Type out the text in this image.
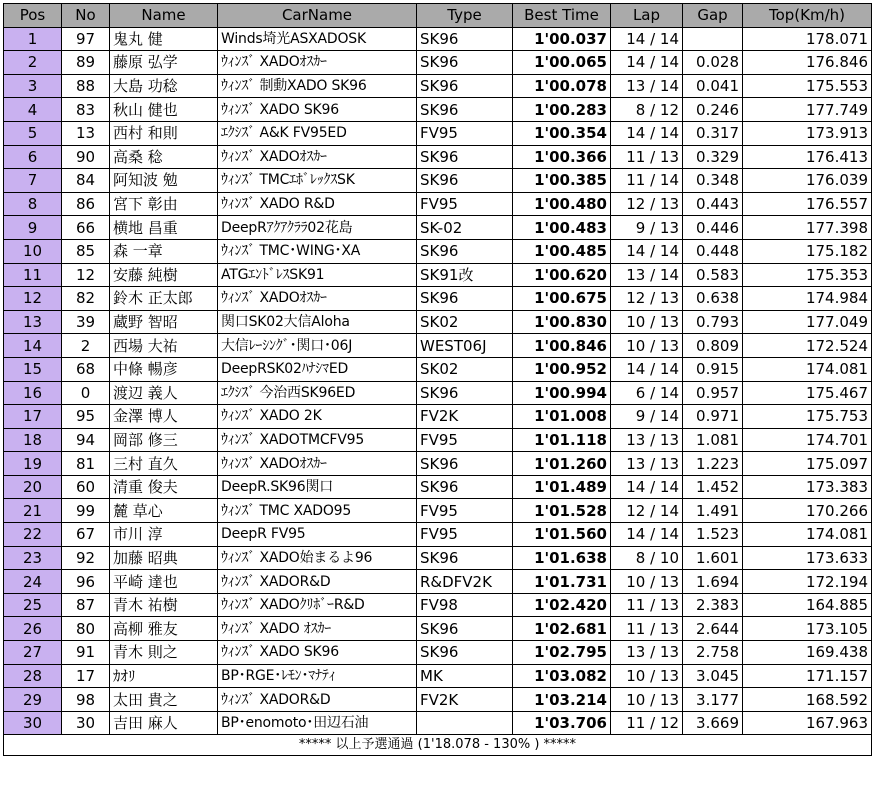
Pos	No	Name	CarName	Type	Best Time	Lap	Gap	Top(Km/h)
1	97	鬼丸 健	Winds埼光ASXADOSK	SK96	1'00.037	14 / 14		178.071
2	89	藤原 弘学	ｳｨﾝｽﾞ XADOｵｽｶｰ	SK96	1'00.065	14 / 14	0.028	176.846
3	88	大島 功稔	ｳｨﾝｽﾞ 制動XADO SK96	SK96	1'00.078	13 / 14	0.041	175.553
4	83	秋山 健也	ｳｨﾝｽﾞ XADO SK96	SK96	1'00.283	8 / 12	0.246	177.749
5	13	西村 和則	ｴｸｼｽﾞ A&K FV95ED	FV95	1'00.354	14 / 14	0.317	173.913
6	90	高桑 稔	ｳｨﾝｽﾞ XADOｵｽｶｰ	SK96	1'00.366	11 / 13	0.329	176.413
7	84	阿知波 勉	ｳｨﾝｽﾞ TMCｴﾎﾞﾚｯｸｽSK	SK96	1'00.385	11 / 14	0.348	176.039
8	86	宮下 彰由	ｳｨﾝｽﾞ XADO R&D	FV95	1'00.480	12 / 13	0.443	176.557
9	66	横地 昌重	DeepRｱｸｱｸﾗﾗ02花島	SK-02	1'00.483	9 / 13	0.446	177.398
10	85	森 一章	ｳｨﾝｽﾞ TMC･WING･XA	SK96	1'00.485	14 / 14	0.448	175.182
11	12	安藤 純樹	ATGｴﾝﾄﾞﾚｽSK91	SK91改	1'00.620	13 / 14	0.583	175.353
12	82	鈴木 正太郎	ｳｨﾝｽﾞ XADOｵｽｶｰ	SK96	1'00.675	12 / 13	0.638	174.984
13	39	蔵野 智昭	関口SK02大信Aloha	SK02	1'00.830	10 / 13	0.793	177.049
14	2	西場 大祐	大信ﾚｰｼﾝｸﾞ･関口･06J	WEST06J	1'00.846	10 / 13	0.809	172.524
15	68	中條 暢彦	DeepRSK02ﾊﾅｼﾏED	SK02	1'00.952	14 / 14	0.915	174.081
16	0	渡辺 義人	ｴｸｼｽﾞ 今治西SK96ED	SK96	1'00.994	6 / 14	0.957	175.467
17	95	金澤 博人	ｳｨﾝｽﾞ XADO 2K	FV2K	1'01.008	9 / 14	0.971	175.753
18	94	岡部 修三	ｳｨﾝｽﾞ XADOTMCFV95	FV95	1'01.118	13 / 13	1.081	174.701
19	81	三村 直久	ｳｨﾝｽﾞ XADOｵｽｶｰ	SK96	1'01.260	13 / 13	1.223	175.097
20	60	清重 俊夫	DeepR.SK96関口	SK96	1'01.489	14 / 14	1.452	173.383
21	99	麓 草心	ｳｨﾝｽﾞ TMC XADO95	FV95	1'01.528	12 / 14	1.491	170.266
22	67	市川 淳	DeepR FV95	FV95	1'01.560	14 / 14	1.523	174.081
23	92	加藤 昭典	ｳｨﾝｽﾞ XADO始まるよ96	SK96	1'01.638	8 / 10	1.601	173.633
24	96	平崎 達也	ｳｨﾝｽﾞ XADOR&D	R&DFV2K	1'01.731	10 / 13	1.694	172.194
25	87	青木 祐樹	ｳｨﾝｽﾞ XADOｸﾘﾎﾞｰR&D	FV98	1'02.420	11 / 13	2.383	164.885
26	80	高柳 雅友	ｳｨﾝｽﾞ XADO ｵｽｶｰ	SK96	1'02.681	11 / 13	2.644	173.105
27	91	青木 則之	ｳｨﾝｽﾞ XADO SK96	SK96	1'02.795	13 / 13	2.758	169.438
28	17	ｶｵﾘ	BP･RGE･ﾚﾓﾝ･ﾏﾅﾃｨ	MK	1'03.082	10 / 13	3.045	171.157
29	98	太田 貴之	ｳｨﾝｽﾞ XADOR&D	FV2K	1'03.214	10 / 13	3.177	168.592
30	30	吉田 麻人	BP･enomoto･田辺石油		1'03.706	11 / 12	3.669	167.963
***** 以上予選通過 (1'18.078 - 130% ) *****								
